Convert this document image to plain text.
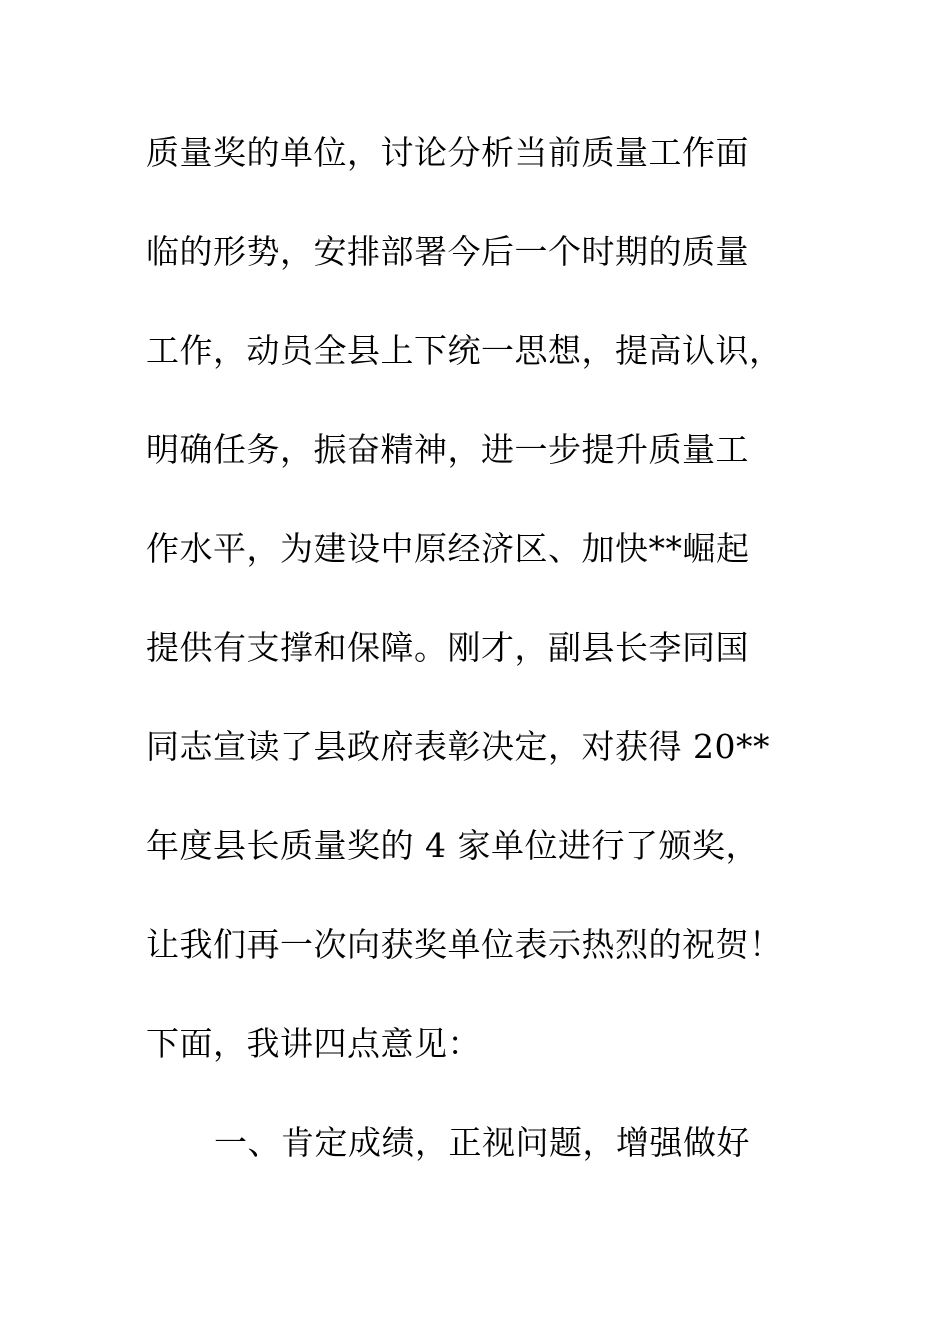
质量奖的单位，讨论分析当前质量工作面
临的形势，安排部署今后一个时期的质量
工作，动员全县上下统一思想，提高认识，
明确任务，振奋精神，进一步提升质量工
作水平，为建设中原经济区、加快**崛起
提供有支撑和保障。刚才，副县长李同国
同志宣读了县政府表彰决定，对获得 20**
年度县长质量奖的 4 家单位进行了颁奖，
让我们再一次向获奖单位表示热烈的祝贺！
下面，我讲四点意见：
一、肯定成绩，正视问题，增强做好
